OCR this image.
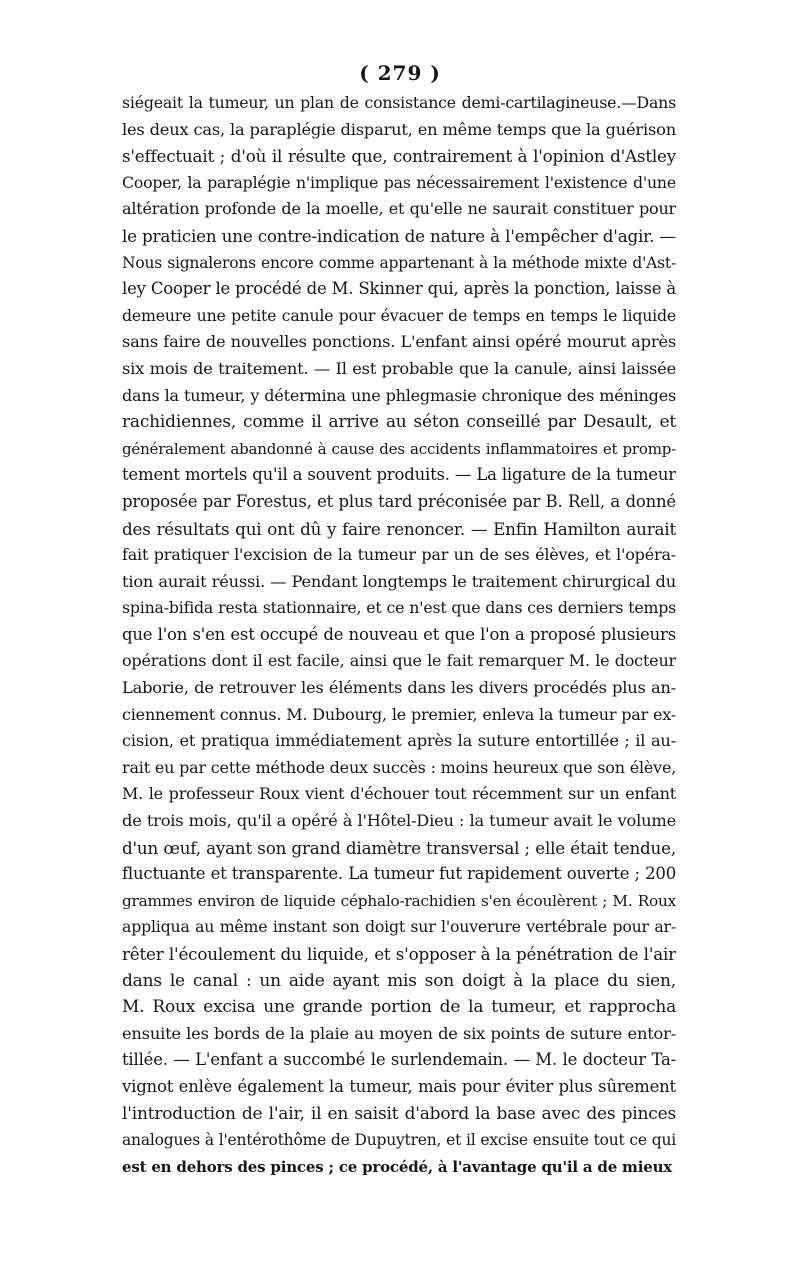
( 279 )
siégeait la tumeur, un plan de consistance demi-cartilagineuse.—Dans
les deux cas, la paraplégie disparut, en même temps que la guérison
s'effectuait ; d'où il résulte que, contrairement à l'opinion d'Astley
Cooper, la paraplégie n'implique pas nécessairement l'existence d'une
altération profonde de la moelle, et qu'elle ne saurait constituer pour
le praticien une contre-indication de nature à l'empêcher d'agir. —
Nous signalerons encore comme appartenant à la méthode mixte d'Ast-
ley Cooper le procédé de M. Skinner qui, après la ponction, laisse à
demeure une petite canule pour évacuer de temps en temps le liquide
sans faire de nouvelles ponctions. L'enfant ainsi opéré mourut après
six mois de traitement. — Il est probable que la canule, ainsi laissée
dans la tumeur, y détermina une phlegmasie chronique des méninges
rachidiennes, comme il arrive au séton conseillé par Desault, et
généralement abandonné à cause des accidents inflammatoires et promp-
tement mortels qu'il a souvent produits. — La ligature de la tumeur
proposée par Forestus, et plus tard préconisée par B. Rell, a donné
des résultats qui ont dû y faire renoncer. — Enfin Hamilton aurait
fait pratiquer l'excision de la tumeur par un de ses élèves, et l'opéra-
tion aurait réussi. — Pendant longtemps le traitement chirurgical du
spina-bifida resta stationnaire, et ce n'est que dans ces derniers temps
que l'on s'en est occupé de nouveau et que l'on a proposé plusieurs
opérations dont il est facile, ainsi que le fait remarquer M. le docteur
Laborie, de retrouver les éléments dans les divers procédés plus an-
ciennement connus. M. Dubourg, le premier, enleva la tumeur par ex-
cision, et pratiqua immédiatement après la suture entortillée ; il au-
rait eu par cette méthode deux succès : moins heureux que son élève,
M. le professeur Roux vient d'échouer tout récemment sur un enfant
de trois mois, qu'il a opéré à l'Hôtel-Dieu : la tumeur avait le volume
d'un œuf, ayant son grand diamètre transversal ; elle était tendue,
fluctuante et transparente. La tumeur fut rapidement ouverte ; 200
grammes environ de liquide céphalo-rachidien s'en écoulèrent ; M. Roux
appliqua au même instant son doigt sur l'ouverure vertébrale pour ar-
rêter l'écoulement du liquide, et s'opposer à la pénétration de l'air
dans le canal : un aide ayant mis son doigt à la place du sien,
M. Roux excisa une grande portion de la tumeur, et rapprocha
ensuite les bords de la plaie au moyen de six points de suture entor-
tillée. — L'enfant a succombé le surlendemain. — M. le docteur Ta-
vignot enlève également la tumeur, mais pour éviter plus sûrement
l'introduction de l'air, il en saisit d'abord la base avec des pinces
analogues à l'entérothôme de Dupuytren, et il excise ensuite tout ce qui
est en dehors des pinces ; ce procédé, à l'avantage qu'il a de mieux
